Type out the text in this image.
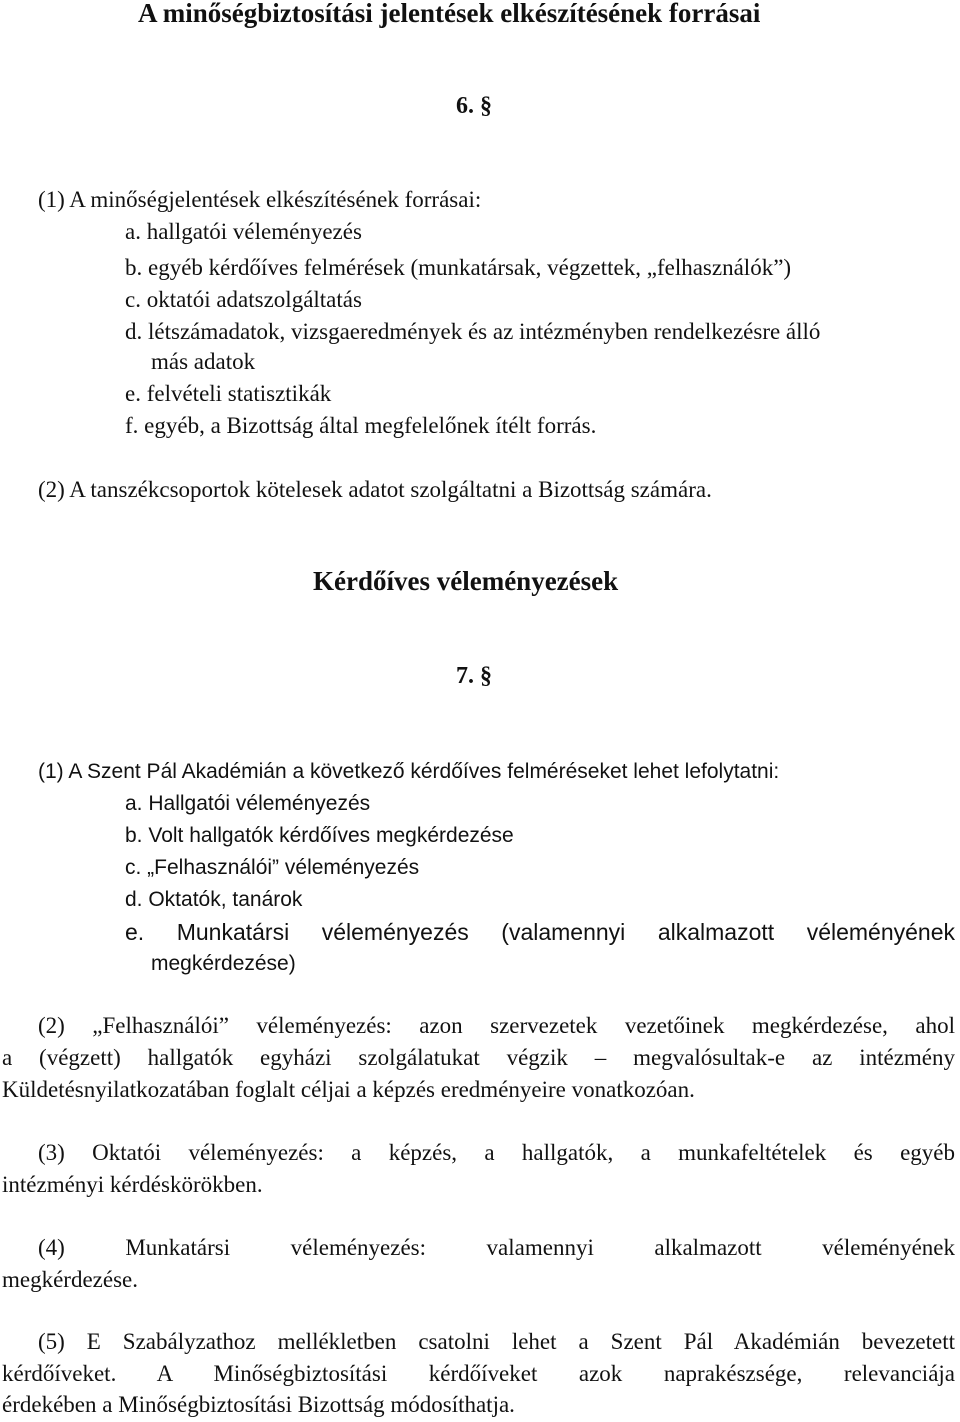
A minőségbiztosítási jelentések elkészítésének forrásai
6. §
(1) A minőségjelentések elkészítésének forrásai:
a. hallgatói véleményezés
b. egyéb kérdőíves felmérések (munkatársak, végzettek, „felhasználók”)
c. oktatói adatszolgáltatás
d. létszámadatok, vizsgaeredmények és az intézményben rendelkezésre álló
más adatok
e. felvételi statisztikák
f. egyéb, a Bizottság által megfelelőnek ítélt forrás.
(2) A tanszékcsoportok kötelesek adatot szolgáltatni a Bizottság számára.
Kérdőíves véleményezések
7. §
(1) A Szent Pál Akadémián a következő kérdőíves felméréseket lehet lefolytatni:
a. Hallgatói véleményezés
b. Volt hallgatók kérdőíves megkérdezése
c. „Felhasználói” véleményezés
d. Oktatók, tanárok
e. Munkatársi véleményezés (valamennyi alkalmazott véleményének
megkérdezése)
(2) „Felhasználói” véleményezés: azon szervezetek vezetőinek megkérdezése, ahol
a (végzett) hallgatók egyházi szolgálatukat végzik – megvalósultak-e az intézmény
Küldetésnyilatkozatában foglalt céljai a képzés eredményeire vonatkozóan.
(3) Oktatói véleményezés: a képzés, a hallgatók, a munkafeltételek és egyéb
intézményi kérdéskörökben.
(4) Munkatársi véleményezés: valamennyi alkalmazott véleményének
megkérdezése.
(5) E Szabályzathoz mellékletben csatolni lehet a Szent Pál Akadémián bevezetett
kérdőíveket. A Minőségbiztosítási kérdőíveket azok naprakészsége, relevanciája
érdekében a Minőségbiztosítási Bizottság módosíthatja.
